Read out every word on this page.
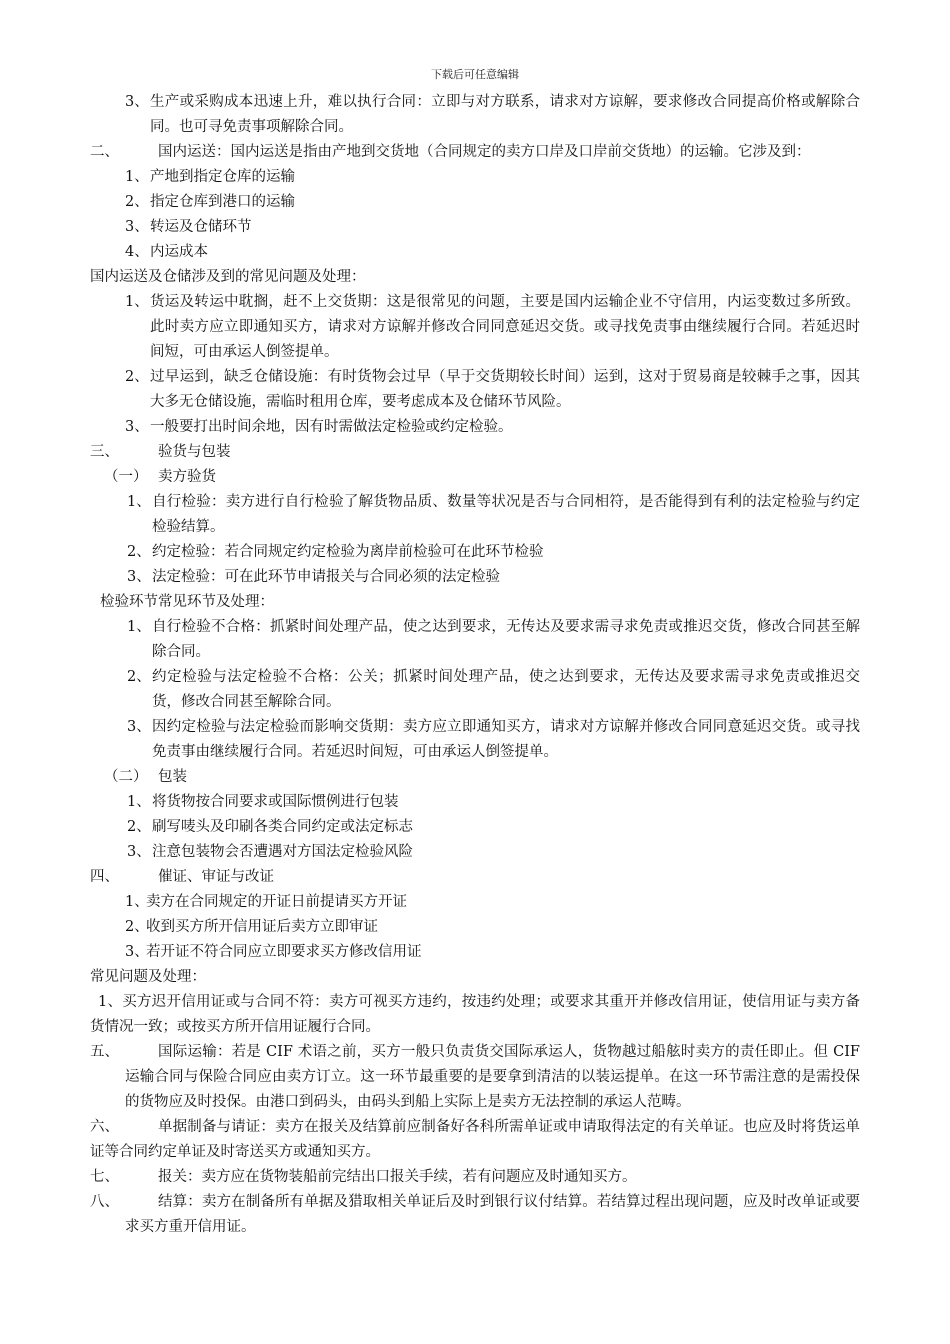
下载后可任意编辑
3、 生产或采购成本迅速上升，难以执行合同：立即与对方联系，请求对方谅解，要求修改合同提高价格或解除合同。也可寻免责事项解除合同。
二、	国内运送：国内运送是指由产地到交货地（合同规定的卖方口岸及口岸前交货地）的运输。它涉及到：
1、 产地到指定仓库的运输
2、 指定仓库到港口的运输
3、 转运及仓储环节
4、 内运成本
国内运送及仓储涉及到的常见问题及处理：
1、 货运及转运中耽搁，赶不上交货期：这是很常见的问题，主要是国内运输企业不守信用，内运变数过多所致。此时卖方应立即通知买方，请求对方谅解并修改合同同意延迟交货。或寻找免责事由继续履行合同。若延迟时间短，可由承运人倒签提单。
2、 过早运到，缺乏仓储设施：有时货物会过早（早于交货期较长时间）运到，这对于贸易商是较棘手之事，因其大多无仓储设施，需临时租用仓库，要考虑成本及仓储环节风险。
3、 一般要打出时间余地，因有时需做法定检验或约定检验。
三、	验货与包装
（一） 卖方验货
1、 自行检验：卖方进行自行检验了解货物品质、数量等状况是否与合同相符，是否能得到有利的法定检验与约定检验结算。
2、 约定检验：若合同规定约定检验为离岸前检验可在此环节检验
3、 法定检验：可在此环节申请报关与合同必须的法定检验
检验环节常见环节及处理：
1、 自行检验不合格：抓紧时间处理产品，使之达到要求，无传达及要求需寻求免责或推迟交货，修改合同甚至解除合同。
2、 约定检验与法定检验不合格：公关；抓紧时间处理产品，使之达到要求，无传达及要求需寻求免责或推迟交货，修改合同甚至解除合同。
3、 因约定检验与法定检验而影响交货期：卖方应立即通知买方，请求对方谅解并修改合同同意延迟交货。或寻找免责事由继续履行合同。若延迟时间短，可由承运人倒签提单。
（二） 包装
1、 将货物按合同要求或国际惯例进行包装
2、 刷写唛头及印刷各类合同约定或法定标志
3、 注意包装物会否遭遇对方国法定检验风险
四、	催证、审证与改证
1、
卖方在合同规定的开证日前提请买方开证
2、
收到买方所开信用证后卖方立即审证
3、
若开证不符合同应立即要求买方修改信用证
常见问题及处理：
1、买方迟开信用证或与合同不符：卖方可视买方违约，按违约处理；或要求其重开并修改信用证，使信用证与卖方备货情况一致；或按买方所开信用证履行合同。
五、	国际运输：若是 CIF 术语之前，买方一般只负责货交国际承运人，货物越过船舷时卖方的责任即止。但 CIF 运输合同与保险合同应由卖方订立。这一环节最重要的是要拿到清洁的以装运提单。在这一环节需注意的是需投保的货物应及时投保。由港口到码头，由码头到船上实际上是卖方无法控制的承运人范畴。
六、	单据制备与请证：卖方在报关及结算前应制备好各科所需单证或申请取得法定的有关单证。也应及时将货运单证等合同约定单证及时寄送买方或通知买方。
七、	报关：卖方应在货物装船前完结出口报关手续，若有问题应及时通知买方。
八、	结算：卖方在制备所有单据及猎取相关单证后及时到银行议付结算。若结算过程出现问题，应及时改单证或要求买方重开信用证。
